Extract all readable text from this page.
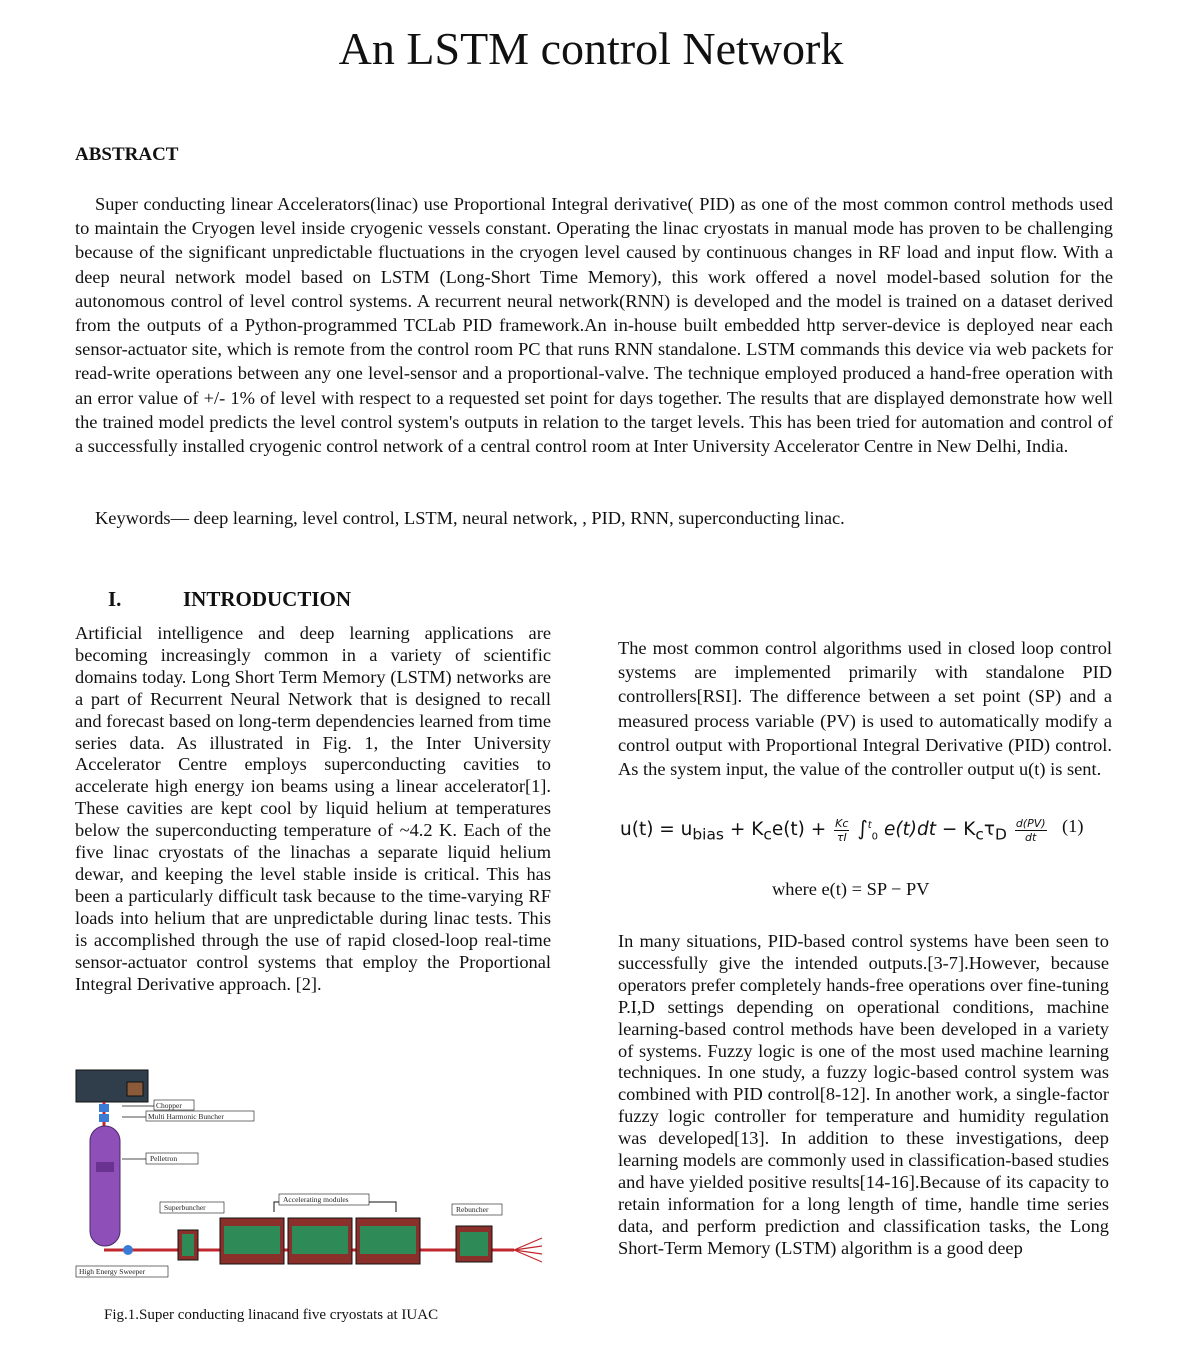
An LSTM control Network
ABSTRACT

Super conducting linear Accelerators(linac) use Proportional Integral derivative( PID) as one of the most common control methods used to maintain the Cryogen level inside cryogenic vessels constant. Operating the linac cryostats in manual mode has proven to be challenging because of the significant unpredictable fluctuations in the cryogen level caused by continuous changes in RF load and input flow. With a deep neural network model based on LSTM (Long-Short Time Memory), this work offered a novel model-based solution for the autonomous control of level control systems. A recurrent neural network(RNN) is developed and the model is trained on a dataset derived from the outputs of a Python-programmed TCLab PID framework.An in-house built embedded http server-device is deployed near each sensor-actuator site, which is remote from the control room PC that runs RNN standalone. LSTM commands this device via web packets for read-write operations between any one level-sensor and a proportional-valve. The technique employed produced a hand-free operation with an error value of +/- 1% of level with respect to a requested set point for days together. The results that are displayed demonstrate how well the trained model predicts the level control system's outputs in relation to the target levels. This has been tried for automation and control of a successfully installed cryogenic control network of a central control room at Inter University Accelerator Centre in New Delhi, India.

Keywords— deep learning, level control, LSTM, neural network, , PID, RNN, superconducting linac.
I.	INTRODUCTION

Artificial intelligence and deep learning applications are becoming increasingly common in a variety of scientific domains today. Long Short Term Memory (LSTM) networks are a part of Recurrent Neural Network that is designed to recall and forecast based on long-term dependencies learned from time series data. As illustrated in Fig. 1, the Inter University Accelerator Centre employs superconducting cavities to accelerate high energy ion beams using a linear accelerator[1]. These cavities are kept cool by liquid helium at temperatures below the superconducting temperature of ~4.2 K. Each of the five linac cryostats of the linachas a separate liquid helium dewar, and keeping the level stable inside is critical. This has been a particularly difficult task because to the time-varying RF loads into helium that are unpredictable during linac tests. This is accomplished through the use of rapid closed-loop real-time sensor-actuator control systems that employ the Proportional Integral Derivative approach. [2].

The most common control algorithms used in closed loop control systems are implemented primarily with standalone PID controllers[RSI]. The difference between a set point (SP) and a measured process variable (PV) is used to automatically modify a control output with Proportional Integral Derivative (PID) control. As the system input, the value of the controller output u(t) is sent.

$u(t) = u_{bias} + K_ce(t) + \frac{Kc}{\tau I} \int^t_0$ $e(t)dt - K_c\tau_D \frac{d(PV)}{dt} (1)$
where e(t) = SP − PV

In many situations, PID-based control systems have been seen to successfully give the intended outputs.[3-7].However, because operators prefer completely hands-free operations over fine-tuning P.I,D settings depending on operational conditions, machine learning-based control methods have been developed in a variety of systems. Fuzzy logic is one of the most used machine learning techniques. In one study, a fuzzy logic-based control system was combined with PID control[8-12]. In another work, a single-factor fuzzy logic controller for temperature and humidity regulation was developed[13]. In addition to these investigations, deep learning models are commonly used in classification-based studies and have yielded positive results[14-16].Because of its capacity to retain information for a long length of time, handle time series data, and perform prediction and classification tasks, the Long Short-Term Memory (LSTM) algorithm is a good deep

Chopper
Multi Harmonic Buncher
Pelletron
Superbuncher
Accelerating modules
Rebuncher
High Energy Sweeper
Fig.1.Super conducting linacand five cryostats at IUAC
